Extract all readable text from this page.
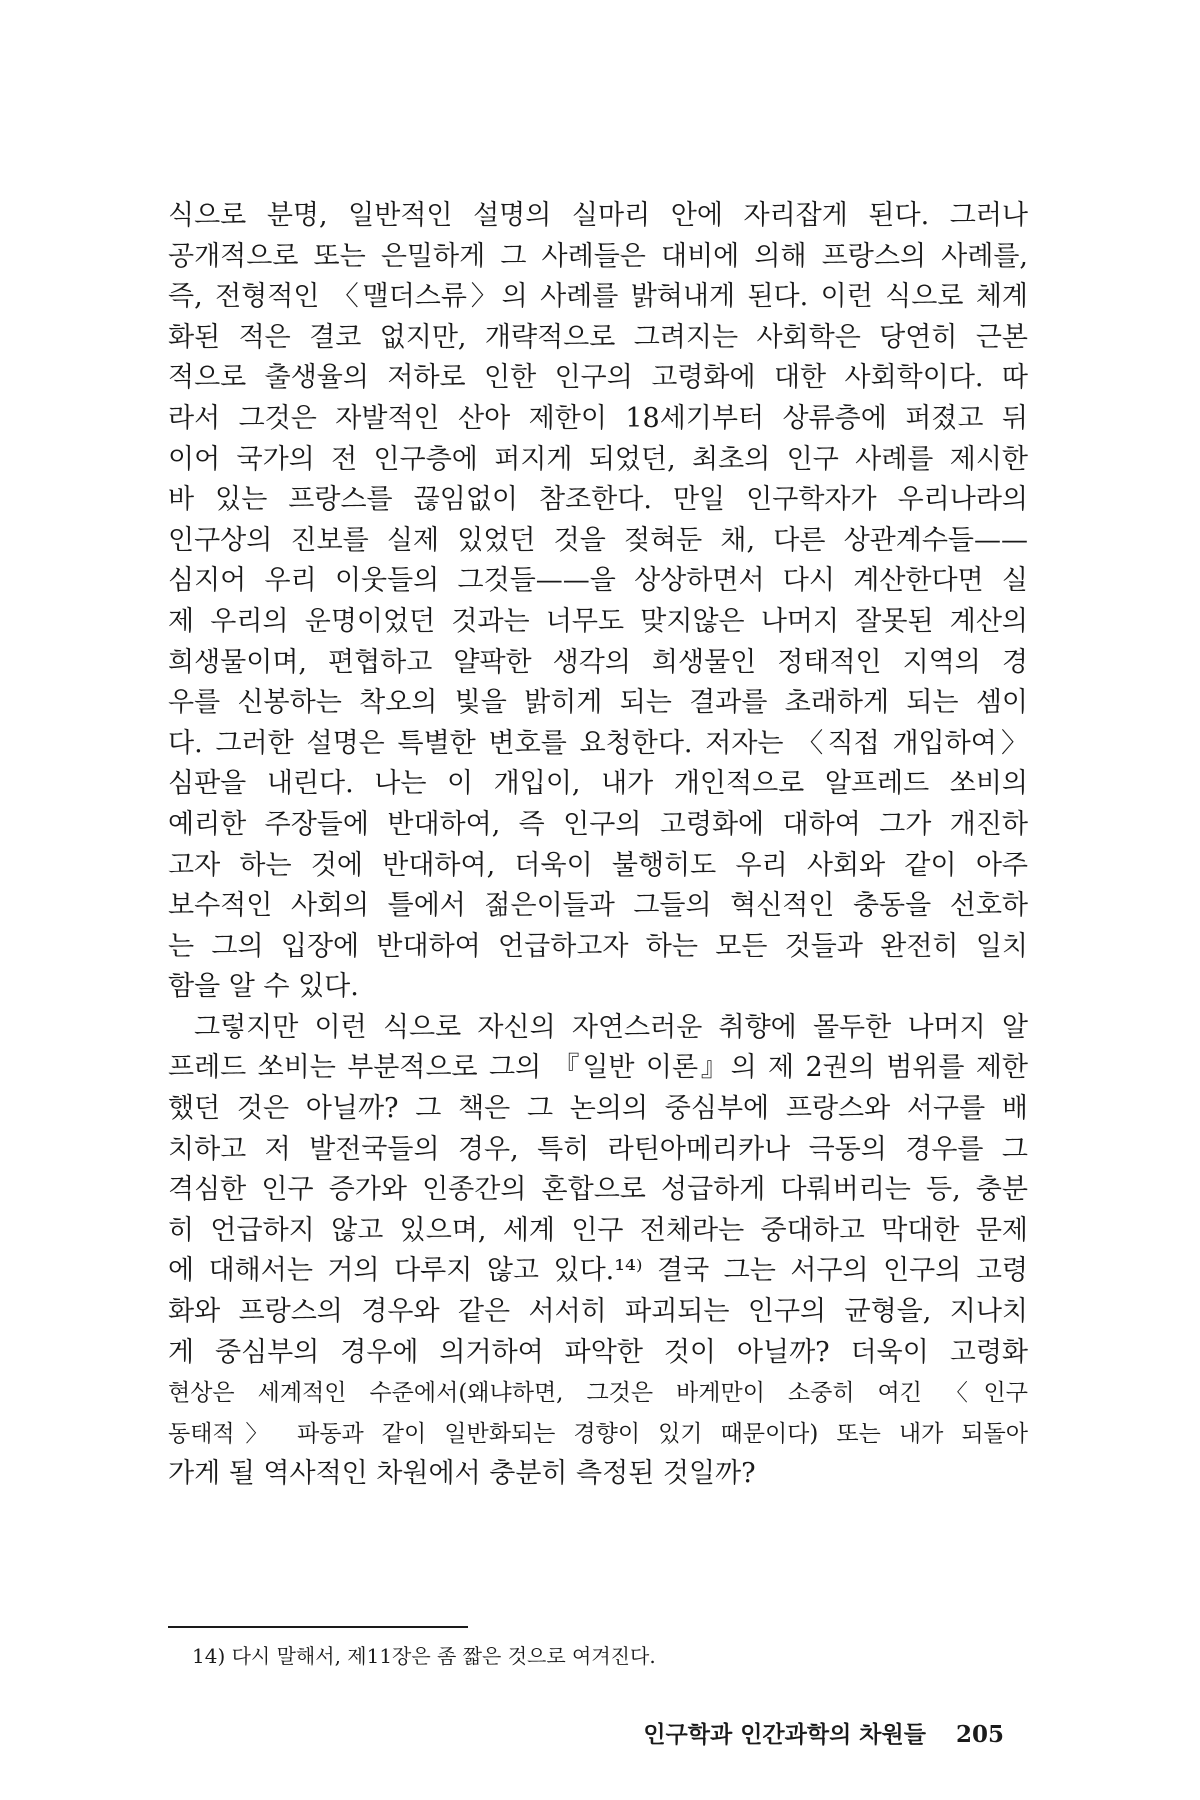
식으로 분명, 일반적인 설명의 실마리 안에 자리잡게 된다. 그러나
공개적으로 또는 은밀하게 그 사례들은 대비에 의해 프랑스의 사례를,
즉, 전형적인 〈맬더스류〉의 사례를 밝혀내게 된다. 이런 식으로 체계
화된 적은 결코 없지만, 개략적으로 그려지는 사회학은 당연히 근본
적으로 출생율의 저하로 인한 인구의 고령화에 대한 사회학이다. 따
라서 그것은 자발적인 산아 제한이 18세기부터 상류층에 퍼졌고 뒤
이어 국가의 전 인구층에 퍼지게 되었던, 최초의 인구 사례를 제시한
바 있는 프랑스를 끊임없이 참조한다. 만일 인구학자가 우리나라의
인구상의 진보를 실제 있었던 것을 젖혀둔 채, 다른 상관계수들——
심지어 우리 이웃들의 그것들——을 상상하면서 다시 계산한다면 실
제 우리의 운명이었던 것과는 너무도 맞지않은 나머지 잘못된 계산의
희생물이며, 편협하고 얄팍한 생각의 희생물인 정태적인 지역의 경
우를 신봉하는 착오의 빛을 밝히게 되는 결과를 초래하게 되는 셈이
다. 그러한 설명은 특별한 변호를 요청한다. 저자는 〈직접 개입하여〉
심판을 내린다. 나는 이 개입이, 내가 개인적으로 알프레드 쏘비의
예리한 주장들에 반대하여, 즉 인구의 고령화에 대하여 그가 개진하
고자 하는 것에 반대하여, 더욱이 불행히도 우리 사회와 같이 아주
보수적인 사회의 틀에서 젊은이들과 그들의 혁신적인 충동을 선호하
는 그의 입장에 반대하여 언급하고자 하는 모든 것들과 완전히 일치
함을 알 수 있다.
그렇지만 이런 식으로 자신의 자연스러운 취향에 몰두한 나머지 알
프레드 쏘비는 부분적으로 그의 『일반 이론』의 제 2권의 범위를 제한
했던 것은 아닐까? 그 책은 그 논의의 중심부에 프랑스와 서구를 배
치하고 저 발전국들의 경우, 특히 라틴아메리카나 극동의 경우를 그
격심한 인구 증가와 인종간의 혼합으로 성급하게 다뤄버리는 등, 충분
히 언급하지 않고 있으며, 세계 인구 전체라는 중대하고 막대한 문제
에 대해서는 거의 다루지 않고 있다.¹⁴⁾ 결국 그는 서구의 인구의 고령
화와 프랑스의 경우와 같은 서서히 파괴되는 인구의 균형을, 지나치
게 중심부의 경우에 의거하여 파악한 것이 아닐까? 더욱이 고령화
현상은 세계적인 수준에서(왜냐하면, 그것은 바게만이 소중히 여긴 〈인구
동태적〉 파동과 같이 일반화되는 경향이 있기 때문이다) 또는 내가 되돌아
가게 될 역사적인 차원에서 충분히 측정된 것일까?
14) 다시 말해서, 제11장은 좀 짧은 것으로 여겨진다.
인구학과 인간과학의 차원들 205
